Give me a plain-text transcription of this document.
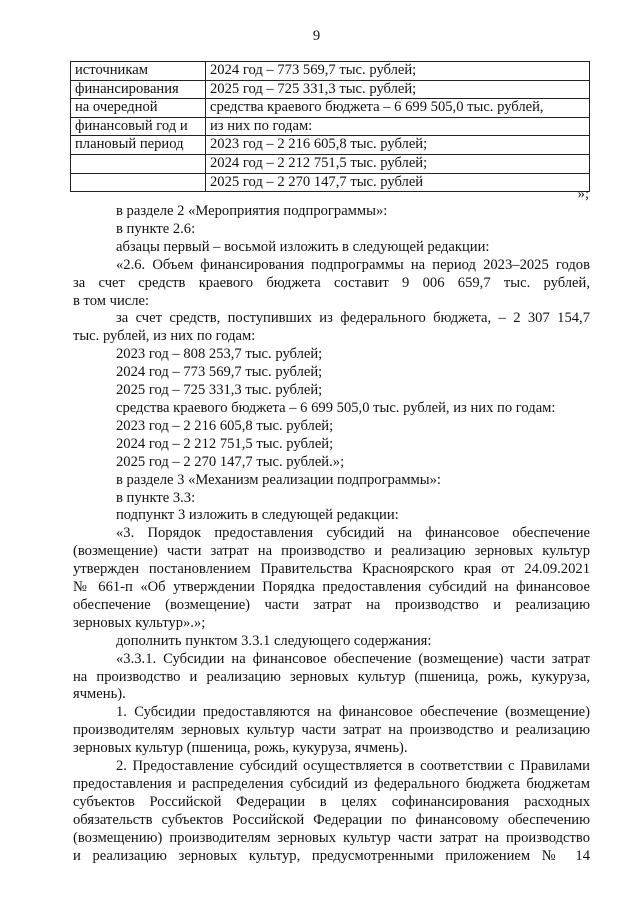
9
источникам	2024 год – 773 569,7 тыс. рублей;
финансирования	2025 год – 725 331,3 тыс. рублей;
на очередной	средства краевого бюджета – 6 699 505,0 тыс. рублей,
финансовый год и	из них по годам:
плановый период	2023 год – 2 216 605,8 тыс. рублей;
	2024 год – 2 212 751,5 тыс. рублей;
	2025 год – 2 270 147,7 тыс. рублей
»;
в разделе 2 «Мероприятия подпрограммы»:
в пункте 2.6:
абзацы первый – восьмой изложить в следующей редакции:
«2.6. Объем финансирования подпрограммы на период 2023–2025 годов
за счет средств краевого бюджета составит 9 006 659,7 тыс. рублей,
в том числе:
за счет средств, поступивших из федерального бюджета, – 2 307 154,7
тыс. рублей, из них по годам:
2023 год – 808 253,7 тыс. рублей;
2024 год – 773 569,7 тыс. рублей;
2025 год – 725 331,3 тыс. рублей;
средства краевого бюджета – 6 699 505,0 тыс. рублей, из них по годам:
2023 год – 2 216 605,8 тыс. рублей;
2024 год – 2 212 751,5 тыс. рублей;
2025 год – 2 270 147,7 тыс. рублей.»;
в разделе 3 «Механизм реализации подпрограммы»:
в пункте 3.3:
подпункт 3 изложить в следующей редакции:
«3. Порядок предоставления субсидий на финансовое обеспечение
(возмещение) части затрат на производство и реализацию зерновых культур
утвержден постановлением Правительства Красноярского края от 24.09.2021
№ 661-п «Об утверждении Порядка предоставления субсидий на финансовое
обеспечение (возмещение) части затрат на производство и реализацию
зерновых культур».»;
дополнить пунктом 3.3.1 следующего содержания:
«3.3.1. Субсидии на финансовое обеспечение (возмещение) части затрат
на производство и реализацию зерновых культур (пшеница, рожь, кукуруза,
ячмень).
1. Субсидии предоставляются на финансовое обеспечение (возмещение)
производителям зерновых культур части затрат на производство и реализацию
зерновых культур (пшеница, рожь, кукуруза, ячмень).
2. Предоставление субсидий осуществляется в соответствии с Правилами
предоставления и распределения субсидий из федерального бюджета бюджетам
субъектов Российской Федерации в целях софинансирования расходных
обязательств субъектов Российской Федерации по финансовому обеспечению
(возмещению) производителям зерновых культур части затрат на производство
и реализацию зерновых культур, предусмотренными приложением № 14
